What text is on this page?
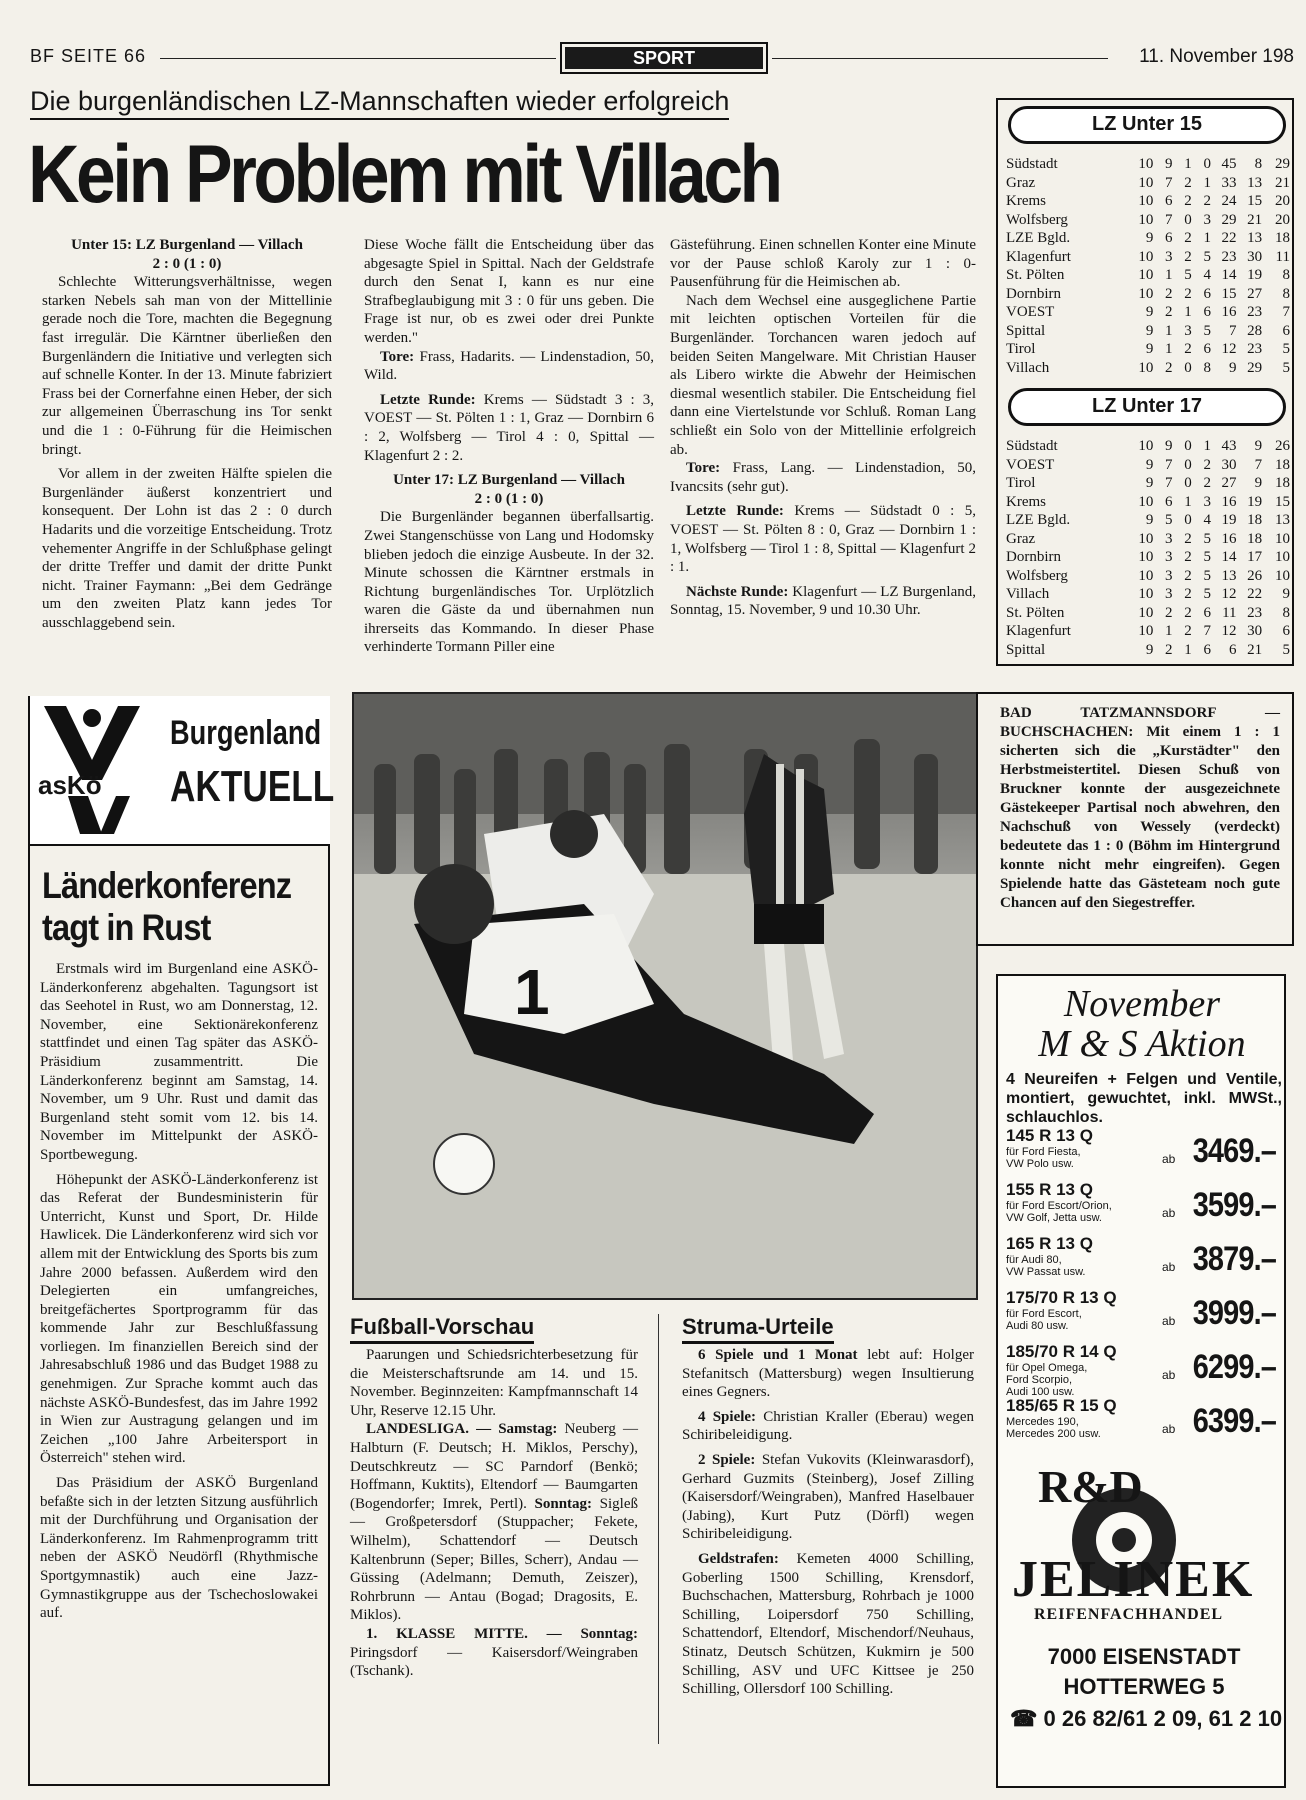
BF SEITE 66	SPORT	11. November 198
Die burgenländischen LZ-Mannschaften wieder erfolgreich
Kein Problem mit Villach

Unter 15: LZ Burgenland — Villach

2 : 0 (1 : 0)

Schlechte Witterungsverhältnisse, wegen starken Nebels sah man von der Mittellinie gerade noch die Tore, machten die Begegnung fast irregulär. Die Kärntner überließen den Burgenländern die Initiative und verlegten sich auf schnelle Konter. In der 13. Minute fabriziert Frass bei der Cornerfahne einen Heber, der sich zur allgemeinen Überraschung ins Tor senkt und die 1 : 0-Führung für die Heimischen bringt.

Vor allem in der zweiten Hälfte spielen die Burgenländer äußerst konzentriert und konsequent. Der Lohn ist das 2 : 0 durch Hadarits und die vorzeitige Entscheidung. Trotz vehementer Angriffe in der Schlußphase gelingt der dritte Treffer und damit der dritte Punkt nicht. Trainer Faymann: „Bei dem Gedränge um den zweiten Platz kann jedes Tor ausschlaggebend sein.

Diese Woche fällt die Entscheidung über das abgesagte Spiel in Spittal. Nach der Geldstrafe durch den Senat I, kann es nur eine Strafbeglaubigung mit 3 : 0 für uns geben. Die Frage ist nur, ob es zwei oder drei Punkte werden."

Tore: Frass, Hadarits. — Lindenstadion, 50, Wild.

Letzte Runde: Krems — Südstadt 3 : 3, VOEST — St. Pölten 1 : 1, Graz — Dornbirn 6 : 2, Wolfsberg — Tirol 4 : 0, Spittal — Klagenfurt 2 : 2.

Unter 17: LZ Burgenland — Villach

2 : 0 (1 : 0)

Die Burgenländer begannen überfallsartig. Zwei Stangenschüsse von Lang und Hodomsky blieben jedoch die einzige Ausbeute. In der 32. Minute schossen die Kärntner erstmals in Richtung burgenländisches Tor. Urplötzlich waren die Gäste da und übernahmen nun ihrerseits das Kommando. In dieser Phase verhinderte Tormann Piller eine

Gästeführung. Einen schnellen Konter eine Minute vor der Pause schloß Karoly zur 1 : 0-Pausenführung für die Heimischen ab.

Nach dem Wechsel eine ausgeglichene Partie mit leichten optischen Vorteilen für die Burgenländer. Torchancen waren jedoch auf beiden Seiten Mangelware. Mit Christian Hauser als Libero wirkte die Abwehr der Heimischen diesmal wesentlich stabiler. Die Entscheidung fiel dann eine Viertelstunde vor Schluß. Roman Lang schließt ein Solo von der Mittellinie erfolgreich ab.

Tore: Frass, Lang. — Lindenstadion, 50, Ivancsits (sehr gut).

Letzte Runde: Krems — Südstadt 0 : 5, VOEST — St. Pölten 8 : 0, Graz — Dornbirn 1 : 1, Wolfsberg — Tirol 1 : 8, Spittal — Klagenfurt 2 : 1.

Nächste Runde: Klagenfurt — LZ Burgenland, Sonntag, 15. November, 9 und 10.30 Uhr.

LZ Unter 15
Südstadt	10	9	1	0	45	8	29
Graz	10	7	2	1	33	13	21
Krems	10	6	2	2	24	15	20
Wolfsberg	10	7	0	3	29	21	20
LZE Bgld.	9	6	2	1	22	13	18
Klagenfurt	10	3	2	5	23	30	11
St. Pölten	10	1	5	4	14	19	8
Dornbirn	10	2	2	6	15	27	8
VOEST	9	2	1	6	16	23	7
Spittal	9	1	3	5	7	28	6
Tirol	9	1	2	6	12	23	5
Villach	10	2	0	8	9	29	5
LZ Unter 17
Südstadt	10	9	0	1	43	9	26
VOEST	9	7	0	2	30	7	18
Tirol	9	7	0	2	27	9	18
Krems	10	6	1	3	16	19	15
LZE Bgld.	9	5	0	4	19	18	13
Graz	10	3	2	5	16	18	10
Dornbirn	10	3	2	5	14	17	10
Wolfsberg	10	3	2	5	13	26	10
Villach	10	3	2	5	12	22	9
St. Pölten	10	2	2	6	11	23	8
Klagenfurt	10	1	2	7	12	30	6
Spittal	9	2	1	6	6	21	5
asKö
Burgenland
AKTUELL
Länderkonferenz
tagt in Rust

Erstmals wird im Burgenland eine ASKÖ-Länderkonferenz abgehalten. Tagungsort ist das Seehotel in Rust, wo am Donnerstag, 12. November, eine Sektionärekonferenz stattfindet und einen Tag später das ASKÖ-Präsidium zusammentritt. Die Länderkonferenz beginnt am Samstag, 14. November, um 9 Uhr. Rust und damit das Burgenland steht somit vom 12. bis 14. November im Mittelpunkt der ASKÖ-Sportbewegung.

Höhepunkt der ASKÖ-Länderkonferenz ist das Referat der Bundesministerin für Unterricht, Kunst und Sport, Dr. Hilde Hawlicek. Die Länderkonferenz wird sich vor allem mit der Entwicklung des Sports bis zum Jahre 2000 befassen. Außerdem wird den Delegierten ein umfangreiches, breitgefächertes Sportprogramm für das kommende Jahr zur Beschlußfassung vorliegen. Im finanziellen Bereich sind der Jahresabschluß 1986 und das Budget 1988 zu genehmigen. Zur Sprache kommt auch das nächste ASKÖ-Bundesfest, das im Jahre 1992 in Wien zur Austragung gelangen und im Zeichen „100 Jahre Arbeitersport in Österreich" stehen wird.

Das Präsidium der ASKÖ Burgenland befaßte sich in der letzten Sitzung ausführlich mit der Durchführung und Organisation der Länderkonferenz. Im Rahmenprogramm tritt neben der ASKÖ Neudörfl (Rhythmische Sportgymnastik) auch eine Jazz-Gymnastikgruppe aus der Tschechoslowakei auf.

1
BAD TATZMANNSDORF — BUCHSCHACHEN: Mit einem 1 : 1 sicherten sich die „Kurstädter" den Herbstmeistertitel. Diesen Schuß von Bruckner konnte der ausgezeichnete Gästekeeper Partisal noch abwehren, den Nachschuß von Wessely (verdeckt) bedeutete das 1 : 0 (Böhm im Hintergrund konnte nicht mehr eingreifen). Gegen Spielende hatte das Gästeteam noch gute Chancen auf den Siegestreffer.
Fußball-Vorschau

Paarungen und Schiedsrichterbesetzung für die Meisterschaftsrunde am 14. und 15. November. Beginnzeiten: Kampfmannschaft 14 Uhr, Reserve 12.15 Uhr.

LANDESLIGA. — Samstag: Neuberg — Halbturn (F. Deutsch; H. Miklos, Perschy), Deutschkreutz — SC Parndorf (Benkö; Hoffmann, Kuktits), Eltendorf — Baumgarten (Bogendorfer; Imrek, Pertl). Sonntag: Sigleß — Großpetersdorf (Stuppacher; Fekete, Wilhelm), Schattendorf — Deutsch Kaltenbrunn (Seper; Billes, Scherr), Andau — Güssing (Adelmann; Demuth, Zeiszer), Rohrbrunn — Antau (Bogad; Dragosits, E. Miklos).

1. KLASSE MITTE. — Sonntag: Piringsdorf — Kaisersdorf/Weingraben (Tschank).

Struma-Urteile

6 Spiele und 1 Monat lebt auf: Holger Stefanitsch (Mattersburg) wegen Insultierung eines Gegners.

4 Spiele: Christian Kraller (Eberau) wegen Schiribeleidigung.

2 Spiele: Stefan Vukovits (Kleinwarasdorf), Gerhard Guzmits (Steinberg), Josef Zilling (Kaisersdorf/Weingraben), Manfred Haselbauer (Jabing), Kurt Putz (Dörfl) wegen Schiribeleidigung.

Geldstrafen: Kemeten 4000 Schilling, Goberling 1500 Schilling, Krensdorf, Buchschachen, Mattersburg, Rohrbach je 1000 Schilling, Loipersdorf 750 Schilling, Schattendorf, Eltendorf, Mischendorf/Neuhaus, Stinatz, Deutsch Schützen, Kukmirn je 500 Schilling, ASV und UFC Kittsee je 250 Schilling, Ollersdorf 100 Schilling.

November
M & S Aktion
4 Neureifen + Felgen und Ventile, montiert, gewuchtet, inkl. MWSt., schlauchlos.
145 R 13 Q
für Ford Fiesta,
VW Polo usw.	ab 3469.–
155 R 13 Q
für Ford Escort/Orion,
VW Golf, Jetta usw.	ab 3599.–
165 R 13 Q
für Audi 80,
VW Passat usw.	ab 3879.–
175/70 R 13 Q
für Ford Escort,
Audi 80 usw.	ab 3999.–
185/70 R 14 Q
für Opel Omega,
Ford Scorpio,
Audi 100 usw.
ab 6299.–
185/65 R 15 Q
Mercedes 190,
Mercedes 200 usw.	ab 6399.–
R&D
JELINEK
REIFENFACHHANDEL
7000 EISENSTADT
HOTTERWEG 5
☎ 0 26 82/61 2 09, 61 2 10
